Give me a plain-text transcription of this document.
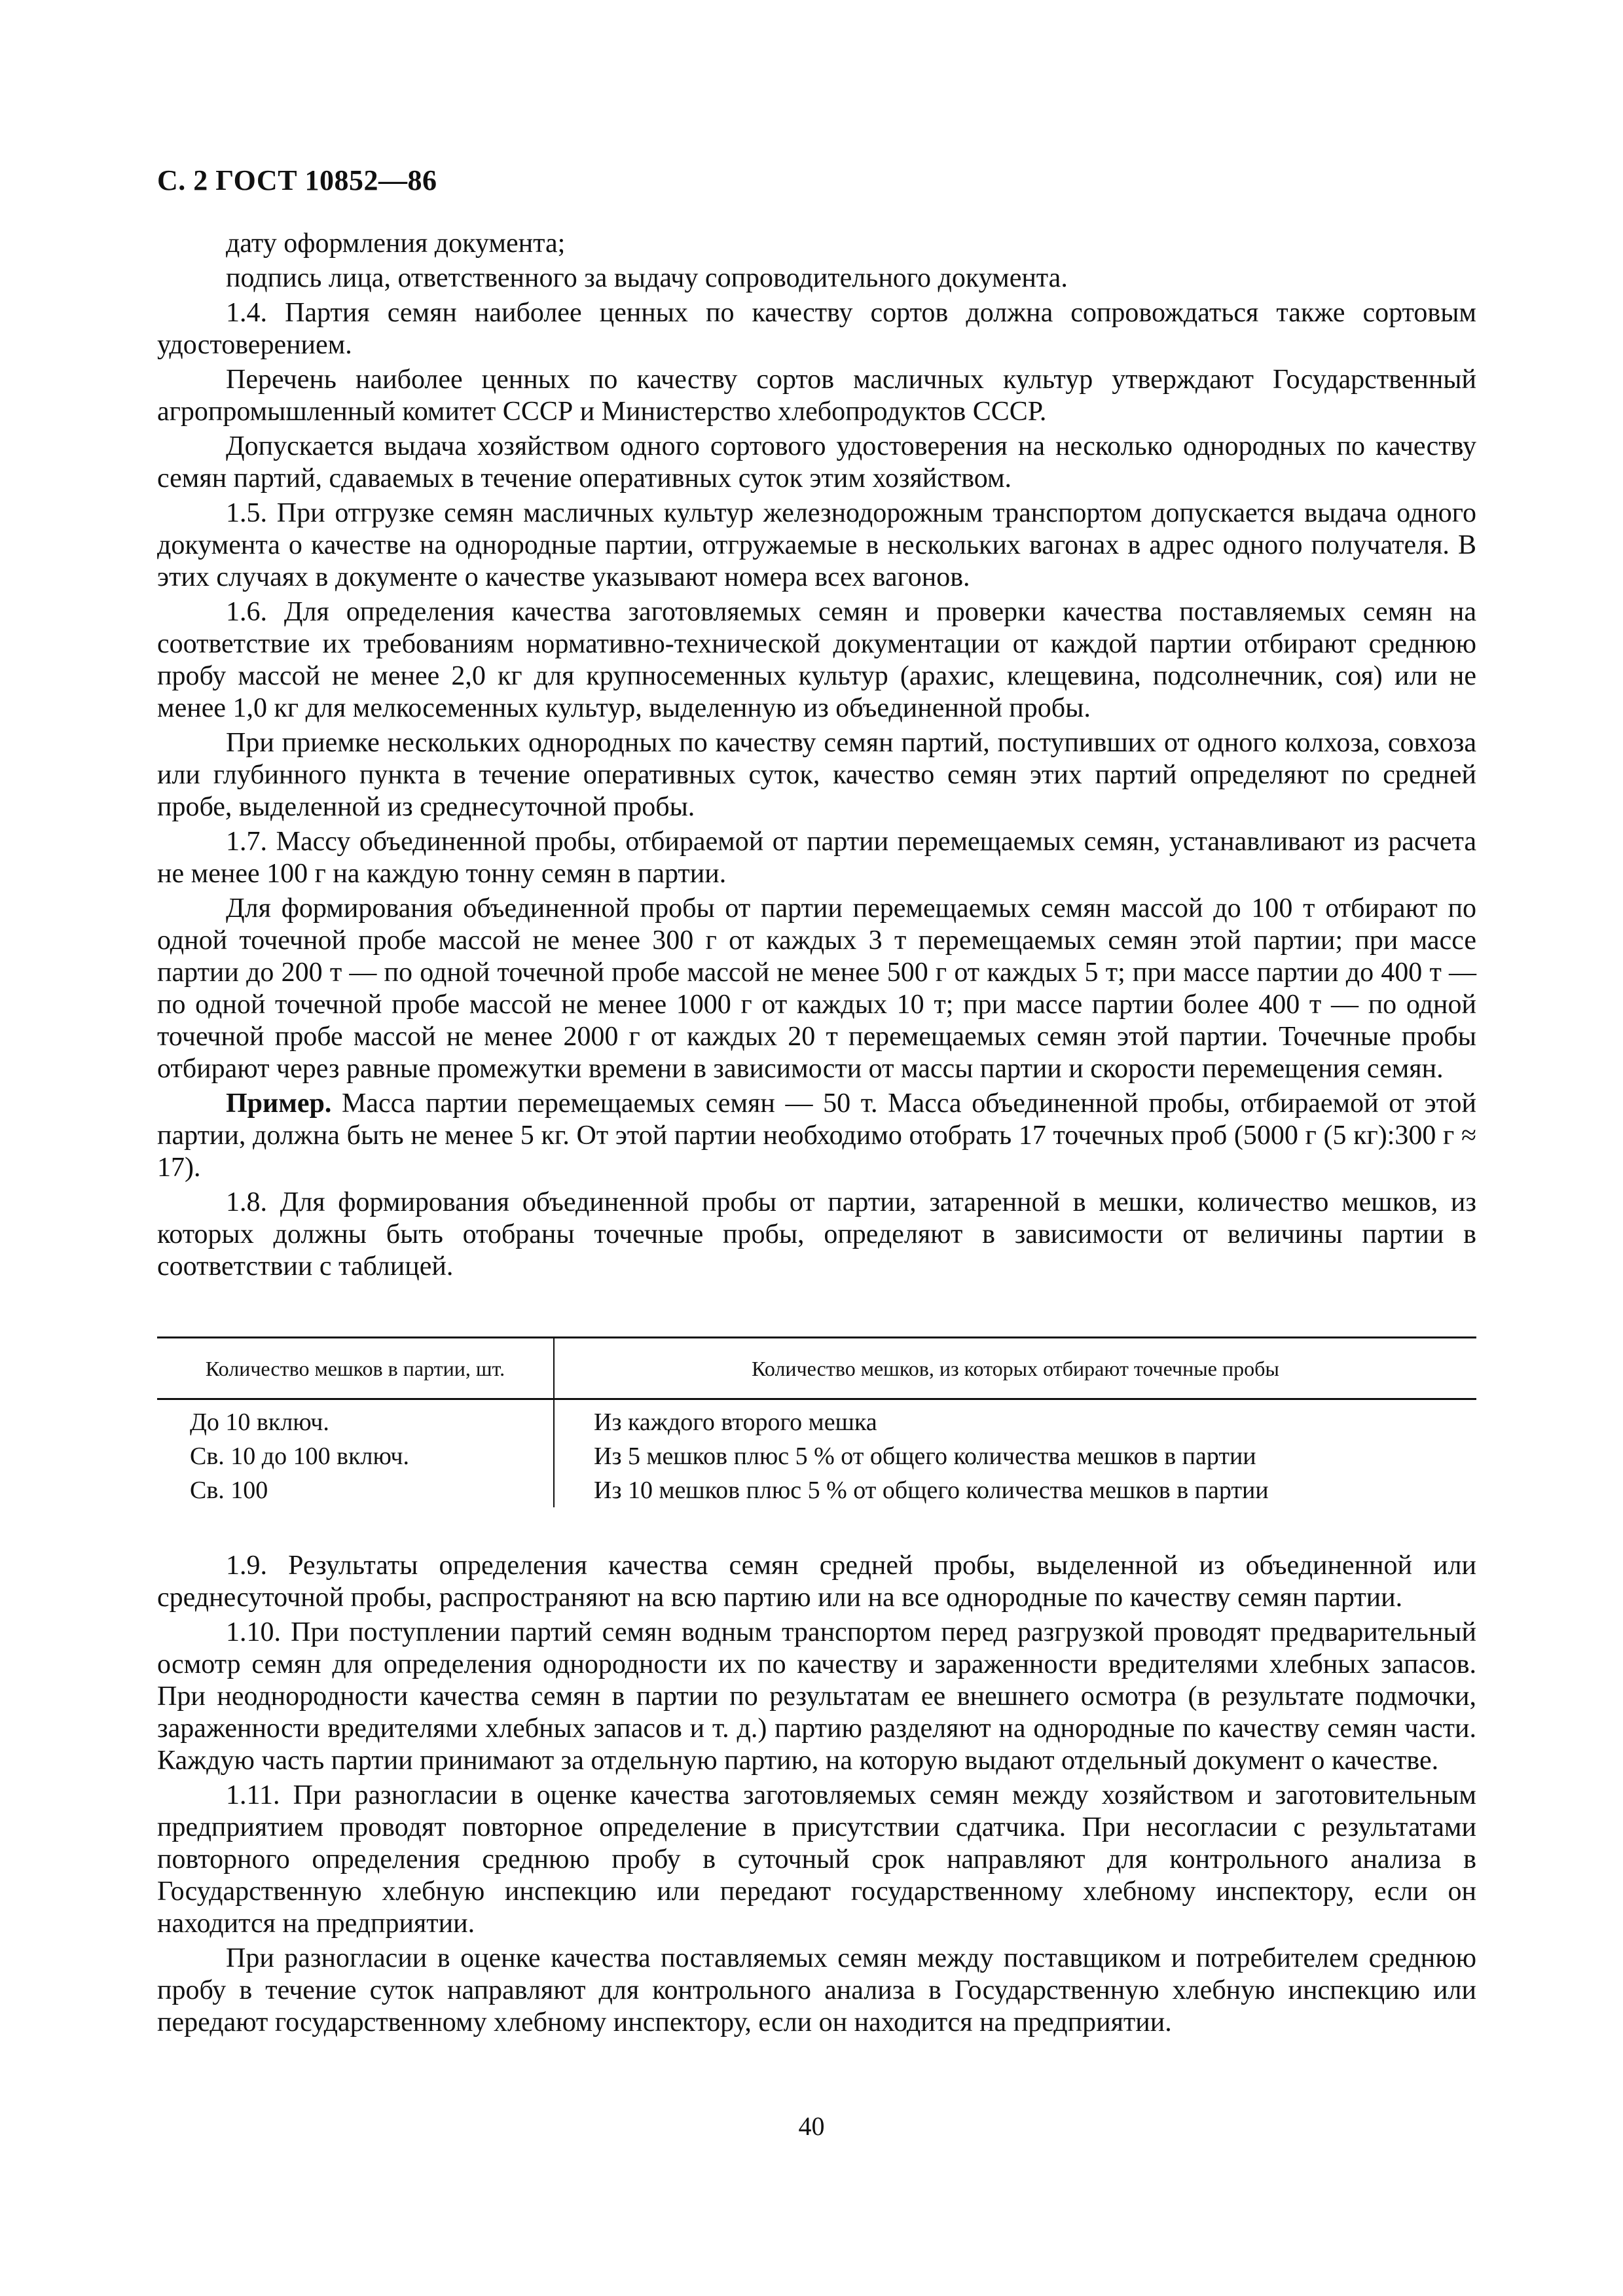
С. 2 ГОСТ 10852—86

дату оформления документа;

подпись лица, ответственного за выдачу сопроводительного документа.

1.4. Партия семян наиболее ценных по качеству сортов должна сопровождаться также сортовым удостоверением.

Перечень наиболее ценных по качеству сортов масличных культур утверждают Государственный агропромышленный комитет СССР и Министерство хлебопродуктов СССР.

Допускается выдача хозяйством одного сортового удостоверения на несколько однородных по качеству семян партий, сдаваемых в течение оперативных суток этим хозяйством.

1.5. При отгрузке семян масличных культур железнодорожным транспортом допускается выдача одного документа о качестве на однородные партии, отгружаемые в нескольких вагонах в адрес одного получателя. В этих случаях в документе о качестве указывают номера всех вагонов.

1.6. Для определения качества заготовляемых семян и проверки качества поставляемых семян на соответствие их требованиям нормативно-технической документации от каждой партии отбирают среднюю пробу массой не менее 2,0 кг для крупносеменных культур (арахис, клещевина, подсолнечник, соя) или не менее 1,0 кг для мелкосеменных культур, выделенную из объединенной пробы.

При приемке нескольких однородных по качеству семян партий, поступивших от одного колхоза, совхоза или глубинного пункта в течение оперативных суток, качество семян этих партий определяют по средней пробе, выделенной из среднесуточной пробы.

1.7. Массу объединенной пробы, отбираемой от партии перемещаемых семян, устанавливают из расчета не менее 100 г на каждую тонну семян в партии.

Для формирования объединенной пробы от партии перемещаемых семян массой до 100 т отбирают по одной точечной пробе массой не менее 300 г от каждых 3 т перемещаемых семян этой партии; при массе партии до 200 т — по одной точечной пробе массой не менее 500 г от каждых 5 т; при массе партии до 400 т — по одной точечной пробе массой не менее 1000 г от каждых 10 т; при массе партии более 400 т — по одной точечной пробе массой не менее 2000 г от каждых 20 т перемещаемых семян этой партии. Точечные пробы отбирают через равные промежутки времени в зависимости от массы партии и скорости перемещения семян.

Пример. Масса партии перемещаемых семян — 50 т. Масса объединенной пробы, отбираемой от этой партии, должна быть не менее 5 кг. От этой партии необходимо отобрать 17 точечных проб (5000 г (5 кг):300 г ≈ 17).

1.8. Для формирования объединенной пробы от партии, затаренной в мешки, количество мешков, из которых должны быть отобраны точечные пробы, определяют в зависимости от величины партии в соответствии с таблицей.

Количество мешков в партии, шт.	Количество мешков, из которых отбирают точечные пробы
До 10 включ.	Из каждого второго мешка
Св. 10 до 100 включ.	Из 5 мешков плюс 5 % от общего количества мешков в партии
Св. 100	Из 10 мешков плюс 5 % от общего количества мешков в партии

1.9. Результаты определения качества семян средней пробы, выделенной из объединенной или среднесуточной пробы, распространяют на всю партию или на все однородные по качеству семян партии.

1.10. При поступлении партий семян водным транспортом перед разгрузкой проводят предварительный осмотр семян для определения однородности их по качеству и зараженности вредителями хлебных запасов. При неоднородности качества семян в партии по результатам ее внешнего осмотра (в результате подмочки, зараженности вредителями хлебных запасов и т. д.) партию разделяют на однородные по качеству семян части. Каждую часть партии принимают за отдельную партию, на которую выдают отдельный документ о качестве.

1.11. При разногласии в оценке качества заготовляемых семян между хозяйством и заготовительным предприятием проводят повторное определение в присутствии сдатчика. При несогласии с результатами повторного определения среднюю пробу в суточный срок направляют для контрольного анализа в Государственную хлебную инспекцию или передают государственному хлебному инспектору, если он находится на предприятии.

При разногласии в оценке качества поставляемых семян между поставщиком и потребителем среднюю пробу в течение суток направляют для контрольного анализа в Государственную хлебную инспекцию или передают государственному хлебному инспектору, если он находится на предприятии.

40
